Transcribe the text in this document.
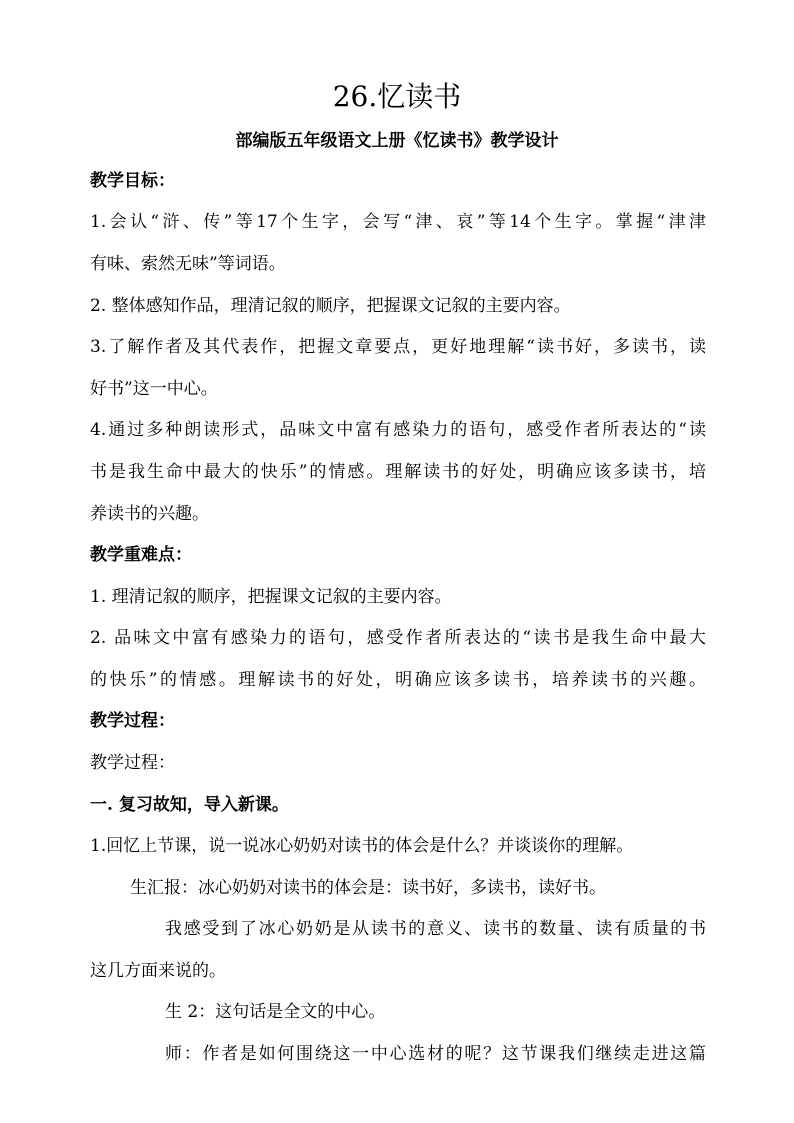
26.忆读书
部编版五年级语文上册《忆读书》教学设计
教学目标：
1.会认“浒、传”等17个生字，会写“津、哀”等14个生字。掌握“津津
有味、索然无味”等词语。
2. 整体感知作品，理清记叙的顺序，把握课文记叙的主要内容。
3.了解作者及其代表作，把握文章要点，更好地理解“读书好，多读书，读
好书”这一中心。
4.通过多种朗读形式，品味文中富有感染力的语句，感受作者所表达的“读
书是我生命中最大的快乐”的情感。理解读书的好处，明确应该多读书，培
养读书的兴趣。
教学重难点：
1. 理清记叙的顺序，把握课文记叙的主要内容。
2. 品味文中富有感染力的语句，感受作者所表达的“读书是我生命中最大
的快乐”的情感。理解读书的好处，明确应该多读书，培养读书的兴趣。
教学过程：
教学过程：
一. 复习故知，导入新课。
1.回忆上节课，说一说冰心奶奶对读书的体会是什么？并谈谈你的理解。
生汇报：冰心奶奶对读书的体会是：读书好，多读书，读好书。
我感受到了冰心奶奶是从读书的意义、读书的数量、读有质量的书
这几方面来说的。
生 2：这句话是全文的中心。
师：作者是如何围绕这一中心选材的呢？这节课我们继续走进这篇
